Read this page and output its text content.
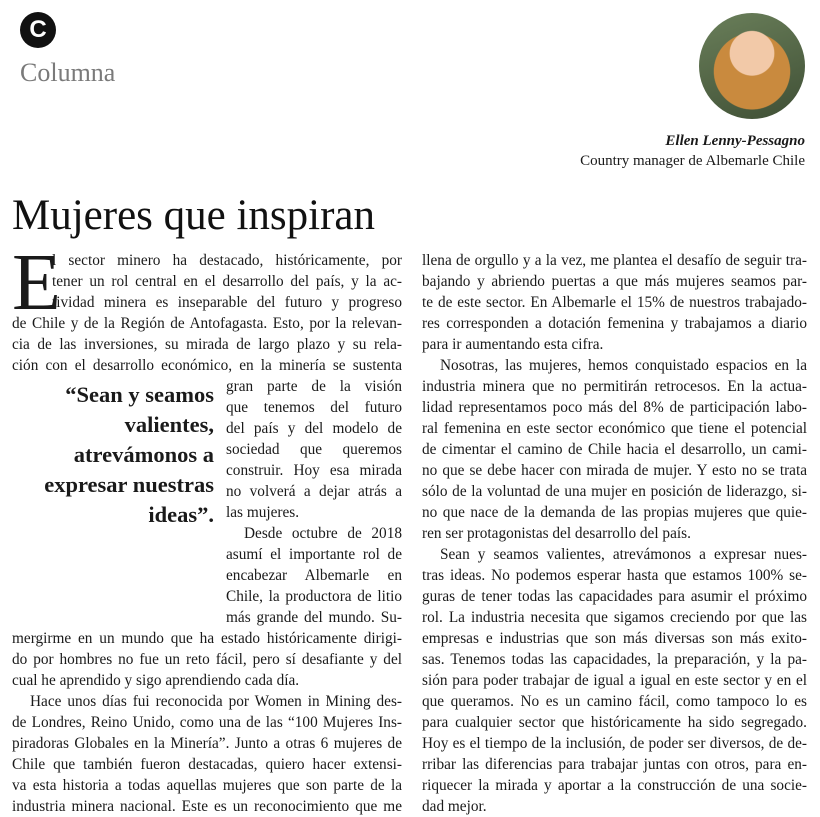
C
Columna
Ellen Lenny-Pessagno
Country manager de Albemarle Chile
Mujeres que inspiran
E
“Sean y seamos
valientes,
atrevámonos a
expresar nuestras
ideas”.
l sector minero ha destacado, históricamente, por
tener un rol central en el desarrollo del país, y la ac-
tividad minera es inseparable del futuro y progreso
de Chile y de la Región de Antofagasta. Esto, por la relevan-
cia de las inversiones, su mirada de largo plazo y su rela-
ción con el desarrollo económico, en la minería se sustenta
gran parte de la visión
que tenemos del futuro
del país y del modelo de
sociedad que queremos
construir. Hoy esa mirada
no volverá a dejar atrás a
las mujeres.
Desde octubre de 2018
asumí el importante rol de
encabezar Albemarle en
Chile, la productora de litio
más grande del mundo. Su-
mergirme en un mundo que ha estado históricamente dirigi-
do por hombres no fue un reto fácil, pero sí desafiante y del
cual he aprendido y sigo aprendiendo cada día.
Hace unos días fui reconocida por Women in Mining des-
de Londres, Reino Unido, como una de las “100 Mujeres Ins-
piradoras Globales en la Minería”. Junto a otras 6 mujeres de
Chile que también fueron destacadas, quiero hacer extensi-
va esta historia a todas aquellas mujeres que son parte de la
industria minera nacional. Este es un reconocimiento que me
llena de orgullo y a la vez, me plantea el desafío de seguir tra-
bajando y abriendo puertas a que más mujeres seamos par-
te de este sector. En Albemarle el 15% de nuestros trabajado-
res corresponden a dotación femenina y trabajamos a diario
para ir aumentando esta cifra.
Nosotras, las mujeres, hemos conquistado espacios en la
industria minera que no permitirán retrocesos. En la actua-
lidad representamos poco más del 8% de participación labo-
ral femenina en este sector económico que tiene el potencial
de cimentar el camino de Chile hacia el desarrollo, un cami-
no que se debe hacer con mirada de mujer. Y esto no se trata
sólo de la voluntad de una mujer en posición de liderazgo, si-
no que nace de la demanda de las propias mujeres que quie-
ren ser protagonistas del desarrollo del país.
Sean y seamos valientes, atrevámonos a expresar nues-
tras ideas. No podemos esperar hasta que estamos 100% se-
guras de tener todas las capacidades para asumir el próximo
rol. La industria necesita que sigamos creciendo por que las
empresas e industrias que son más diversas son más exito-
sas. Tenemos todas las capacidades, la preparación, y la pa-
sión para poder trabajar de igual a igual en este sector y en el
que queramos. No es un camino fácil, como tampoco lo es
para cualquier sector que históricamente ha sido segregado.
Hoy es el tiempo de la inclusión, de poder ser diversos, de de-
rribar las diferencias para trabajar juntas con otros, para en-
riquecer la mirada y aportar a la construcción de una socie-
dad mejor.
